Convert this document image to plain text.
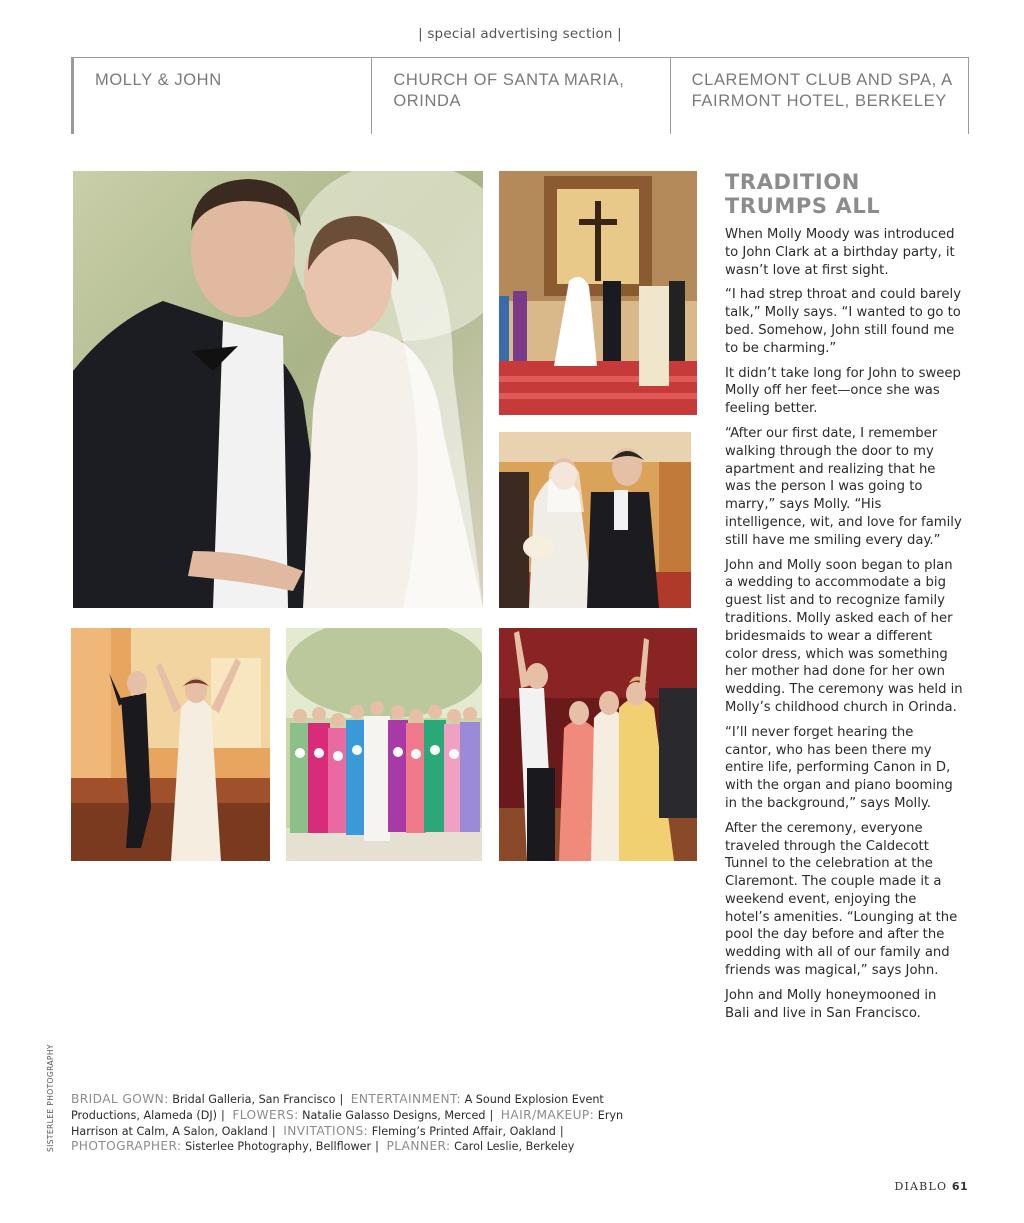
| special advertising section |
MOLLY & JOHN	CHURCH OF SANTA MARIA, ORINDA
CLAREMONT CLUB AND SPA, A FAIRMONT HOTEL, BERKELEY
TRADITION TRUMPS ALL

When Molly Moody was introduced to John Clark at a birthday party, it wasn’t love at first sight.

“I had strep throat and could barely talk,” Molly says. “I wanted to go to bed. Somehow, John still found me to be charming.”

It didn’t take long for John to sweep Molly off her feet—once she was feeling better.

“After our first date, I remember walking through the door to my apartment and realizing that he was the person I was going to marry,” says Molly. “His intelligence, wit, and love for family still have me smiling every day.”

John and Molly soon began to plan a wedding to accommodate a big guest list and to recognize family traditions. Molly asked each of her bridesmaids to wear a different color dress, which was something her mother had done for her own wedding. The ceremony was held in Molly’s childhood church in Orinda.

“I’ll never forget hearing the cantor, who has been there my entire life, performing Canon in D, with the organ and piano booming in the background,” says Molly.

After the ceremony, everyone traveled through the Caldecott Tunnel to the celebration at the Claremont. The couple made it a weekend event, enjoying the hotel’s amenities. “Lounging at the pool the day before and after the wedding with all of our family and friends was magical,” says John.

John and Molly honeymooned in Bali and live in San Francisco.

BRIDAL GOWN: Bridal Galleria, San Francisco | ENTERTAINMENT: A Sound Explosion Event Productions, Alameda (DJ) | FLOWERS: Natalie Galasso Designs, Merced | HAIR/MAKEUP: Eryn Harrison at Calm, A Salon, Oakland | INVITATIONS: Fleming’s Printed Affair, Oakland | PHOTOGRAPHER: Sisterlee Photography, Bellflower | PLANNER: Carol Leslie, Berkeley
SISTERLEE PHOTOGRAPHY
DIABLO 61
